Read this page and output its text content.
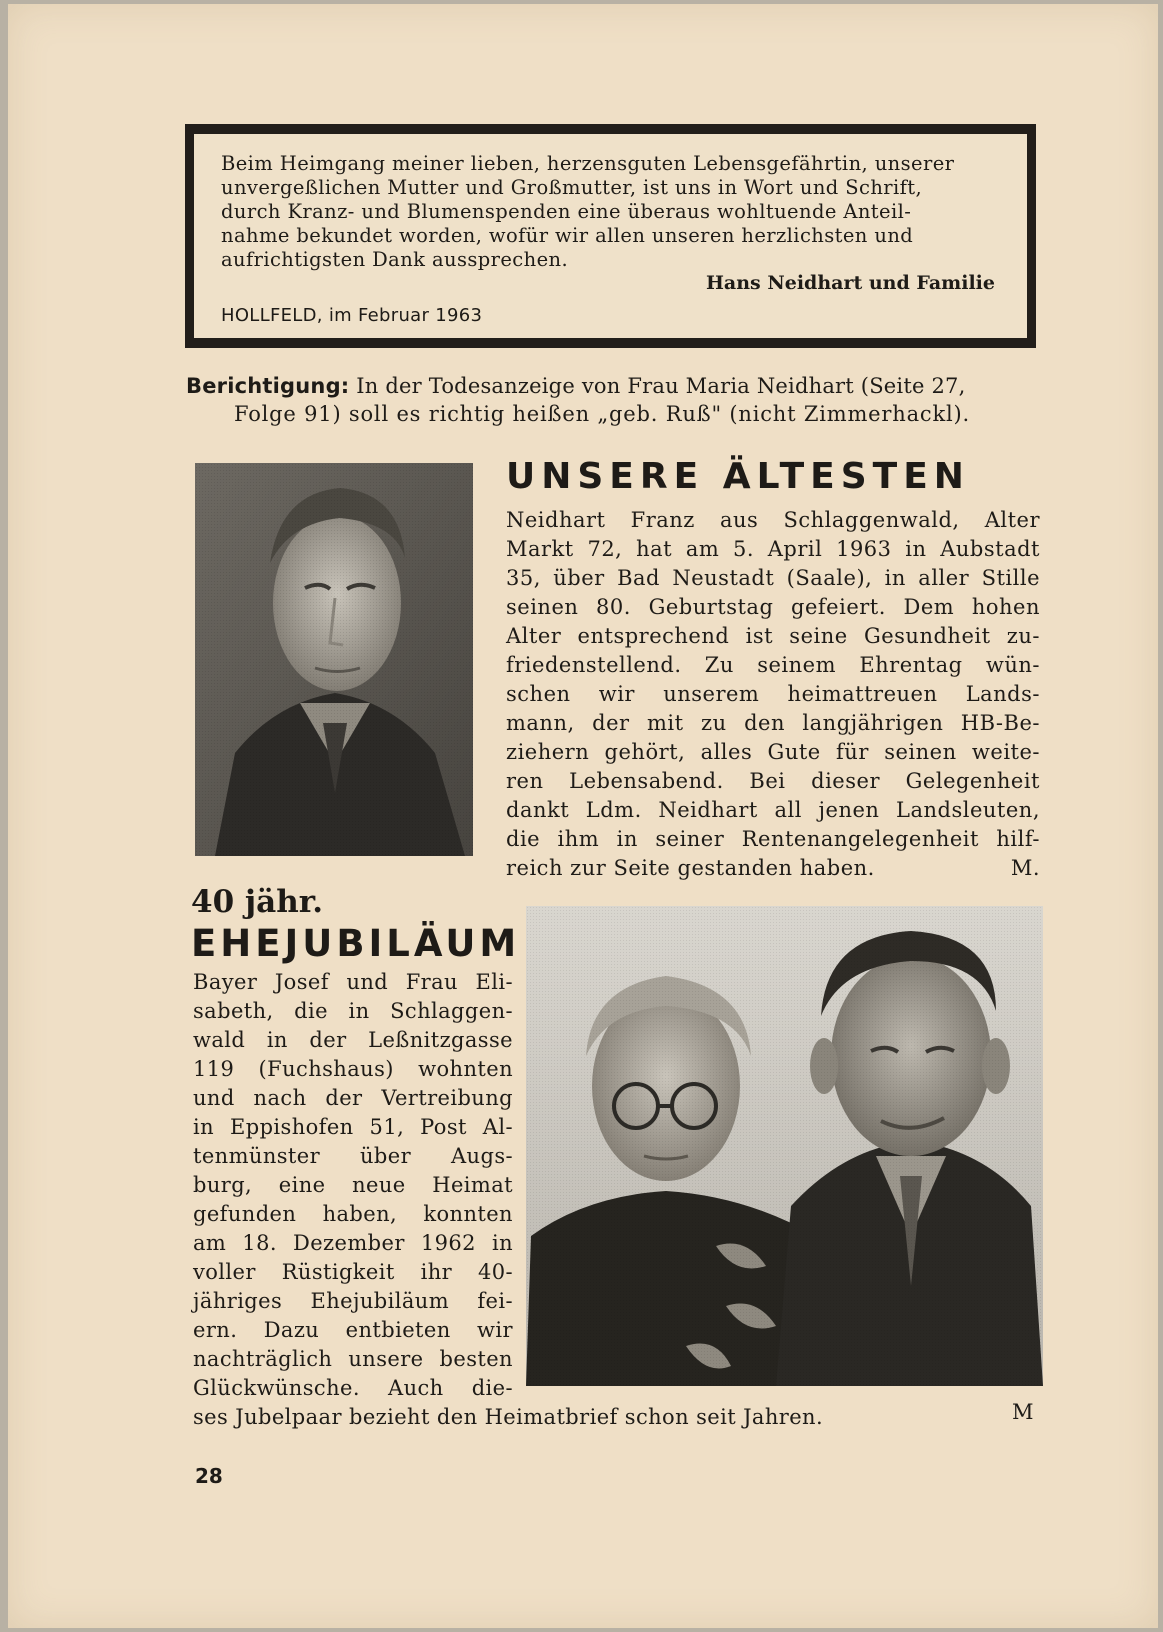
Beim Heimgang meiner lieben, herzensguten Lebensgefährtin, unserer
unvergeßlichen Mutter und Großmutter, ist uns in Wort und Schrift,
durch Kranz- und Blumenspenden eine überaus wohltuende Anteil-
nahme bekundet worden, wofür wir allen unseren herzlichsten und
aufrichtigsten Dank aussprechen.
Hans Neidhart und Familie
HOLLFELD, im Februar 1963
Berichtigung: In der Todesanzeige von Frau Maria Neidhart (Seite 27,
Folge 91) soll es richtig heißen „geb. Ruß" (nicht Zimmerhackl).
UNSERE ÄLTESTEN
Neidhart Franz aus Schlaggenwald, Alter
Markt 72, hat am 5. April 1963 in Aubstadt
35, über Bad Neustadt (Saale), in aller Stille
seinen 80. Geburtstag gefeiert. Dem hohen
Alter entsprechend ist seine Gesundheit zu-
friedenstellend. Zu seinem Ehrentag wün-
schen wir unserem heimattreuen Lands-
mann, der mit zu den langjährigen HB-Be-
ziehern gehört, alles Gute für seinen weite-
ren Lebensabend. Bei dieser Gelegenheit
dankt Ldm. Neidhart all jenen Landsleuten,
die ihm in seiner Rentenangelegenheit hilf-
reich zur Seite gestanden haben.	M.
40 jähr.
EHEJUBILÄUM
Bayer Josef und Frau Eli-
sabeth, die in Schlaggen-
wald in der Leßnitzgasse
119 (Fuchshaus) wohnten
und nach der Vertreibung
in Eppishofen 51, Post Al-
tenmünster über Augs-
burg, eine neue Heimat
gefunden haben, konnten
am 18. Dezember 1962 in
voller Rüstigkeit ihr 40-
jähriges Ehejubiläum fei-
ern. Dazu entbieten wir
nachträglich unsere besten
Glückwünsche. Auch die-
ses Jubelpaar bezieht den Heimatbrief schon seit Jahren.	M
28
